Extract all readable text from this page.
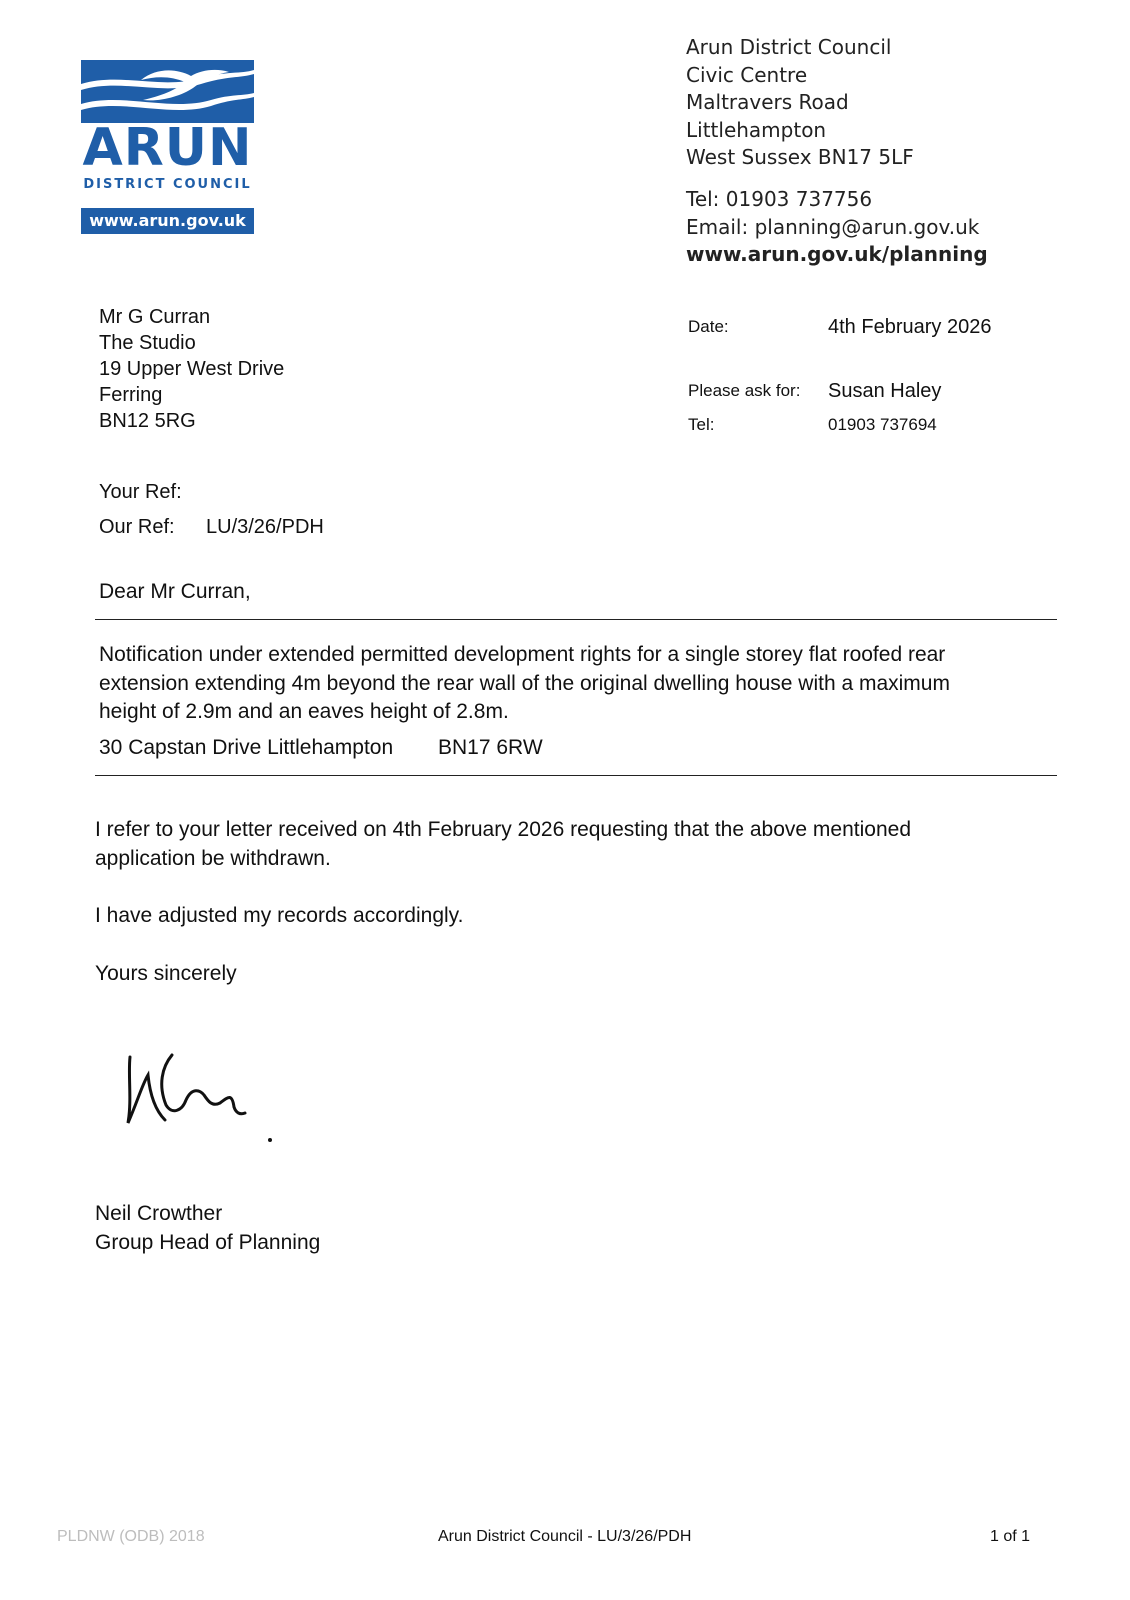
ARUN
DISTRICT COUNCIL
www.arun.gov.uk
Arun District Council
Civic Centre
Maltravers Road
Littlehampton
West Sussex BN17 5LF
Tel: 01903 737756
Email: planning@arun.gov.uk
www.arun.gov.uk/planning
Mr G Curran
The Studio
19 Upper West Drive
Ferring
BN12 5RG
Date:	4th February 2026
Please ask for: Susan Haley
Tel:	01903 737694
Your Ref:
Our Ref: LU/3/26/PDH
Dear Mr Curran,
Notification under extended permitted development rights for a single storey flat roofed rear
extension extending 4m beyond the rear wall of the original dwelling house with a maximum
height of 2.9m and an eaves height of 2.8m.
30 Capstan Drive Littlehampton BN17 6RW
I refer to your letter received on 4th February 2026 requesting that the above mentioned
application be withdrawn.
I have adjusted my records accordingly.
Yours sincerely
Neil Crowther
Group Head of Planning
PLDNW (ODB) 2018	Arun District Council - LU/3/26/PDH	1 of 1
